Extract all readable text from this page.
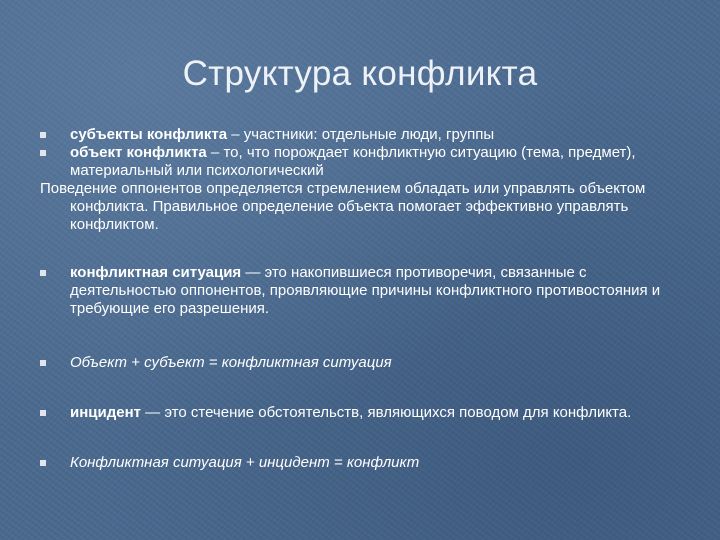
Структура конфликта
субъекты конфликта – участники: отдельные люди, группы
объект конфликта – то, что порождает конфликтную ситуацию (тема, предмет), материальный или психологический
Поведение оппонентов определяется стремлением обладать или управлять объектом конфликта. Правильное определение объекта помогает эффективно управлять конфликтом.
конфликтная ситуация — это накопившиеся противоречия, связанные с деятельностью оппонентов, проявляющие причины конфликтного противостояния и требующие его разрешения.
Объект + субъект = конфликтная ситуация
инцидент — это стечение обстоятельств, являющихся поводом для конфликта.
Конфликтная ситуация + инцидент = конфликт
